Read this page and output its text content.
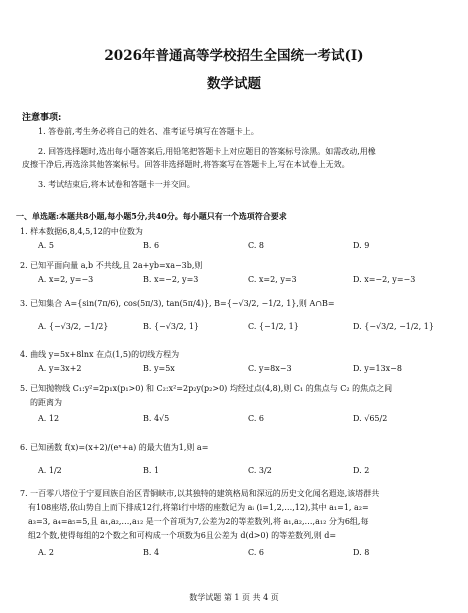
2026年普通高等学校招生全国统一考试(Ⅰ)
数学试题
注意事项:
1. 答卷前,考生务必将自己的姓名、准考证号填写在答题卡上。
2. 回答选择题时,选出每小题答案后,用铅笔把答题卡上对应题目的答案标号涂黑。如需改动,用橡
皮擦干净后,再选涂其他答案标号。回答非选择题时,将答案写在答题卡上,写在本试卷上无效。
3. 考试结束后,将本试卷和答题卡一并交回。
一、单选题:本题共8小题,每小题5分,共40分。每小题只有一个选项符合要求
1. 样本数据6,8,4,5,12的中位数为
A. 5	B. 6	C. 8	D. 9
2. 已知平面向量 a,b 不共线,且 2a+yb=xa−3b,则
A. x=2, y=−3	B. x=−2, y=3	C. x=2, y=3	D. x=−2, y=−3
3. 已知集合 A={sin(7π/6), cos(5π/3), tan(5π/4)}, B={−√3/2, −1/2, 1},则 A∩B=
A. {−√3/2, −1/2}	B. {−√3/2, 1}	C. {−1/2, 1}	D. {−√3/2, −1/2, 1}
4. 曲线 y=5x+8lnx 在点(1,5)的切线方程为
A. y=3x+2	B. y=5x	C. y=8x−3	D. y=13x−8
5. 已知抛物线 C₁:y²=2p₁x(p₁>0) 和 C₂:x²=2p₂y(p₂>0) 均经过点(4,8),则 C₁ 的焦点与 C₂ 的焦点之间
的距离为
A. 12	B. 4√5	C. 6	D. √65/2
6. 已知函数 f(x)=(x+2)/(eˣ+a) 的最大值为1,则 a=
A. 1/2	B. 1	C. 3/2	D. 2
7. 一百零八塔位于宁夏回族自治区青铜峡市,以其独特的建筑格局和深远的历史文化闻名遐迩,该塔群共
有108座塔,依山势自上而下排成12行,将第i行中塔的座数记为 aᵢ (i=1,2,…,12),其中 a₁=1, a₂=
a₃=3, a₄=a₅=5,且 a₁,a₂,…,a₁₂ 是一个首项为7,公差为2的等差数列,将 a₁,a₂,…,a₁₂ 分为6组,每
组2个数,使得每组的2个数之和可构成一个项数为6且公差为 d(d>0) 的等差数列,则 d=
A. 2	B. 4	C. 6	D. 8
数学试题 第 1 页 共 4 页
